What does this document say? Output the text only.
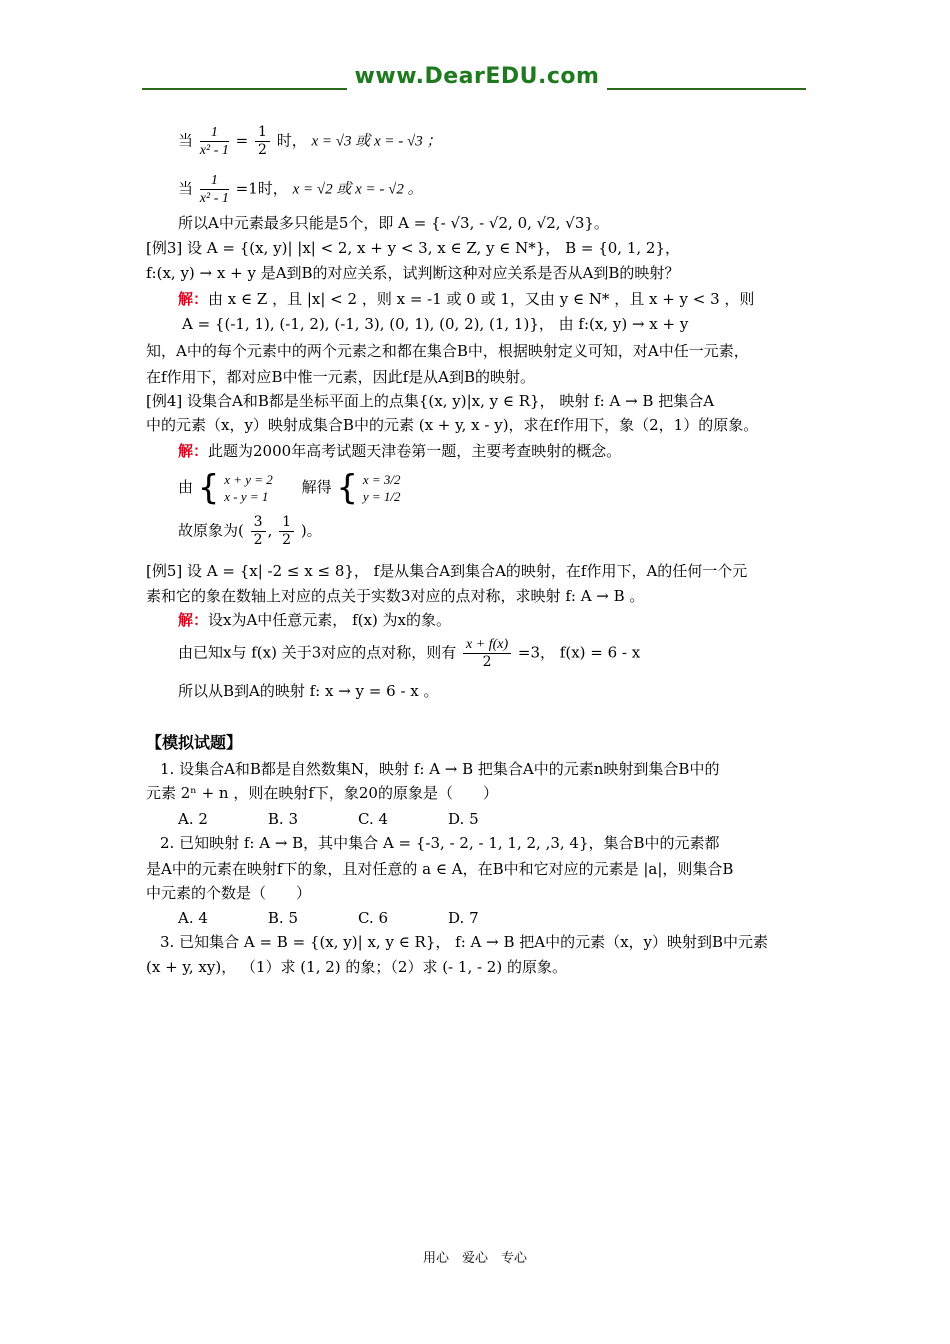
www.DearEDU.com
当 $\frac{1}{\text{x² - 1}} = \frac{1}{2}$ 时， x = √3 或 x = - √3 ；
当 $\frac{1}{\text{x² - 1}} =1$时， x = √2 或 x = - √2 。
所以A中元素最多只能是5个，即 A = {- √3, - √2, 0, √2, √3}。
[例3] 设 A = {(x, y)| |x| < 2, x + y < 3, x ∈ Z, y ∈ N*}， B = {0, 1, 2}，
f:(x, y) → x + y 是A到B的对应关系，试判断这种对应关系是否从A到B的映射？
解：由 x ∈ Z ，且 |x| < 2 ，则 x = -1 或 0 或 1，又由 y ∈ N* ，且 x + y < 3 ，则
A = {(-1, 1), (-1, 2), (-1, 3), (0, 1), (0, 2), (1, 1)}， 由 f:(x, y) → x + y
知，A中的每个元素中的两个元素之和都在集合B中，根据映射定义可知，对A中任一元素，
在f作用下，都对应B中惟一元素，因此f是从A到B的映射。
[例4] 设集合A和B都是坐标平面上的点集{(x, y)|x, y ∈ R}， 映射 f: A → B 把集合A
中的元素（x，y）映射成集合B中的元素 (x + y, x - y)，求在f作用下，象（2，1）的原象。
解：此题为2000年高考试题天津卷第一题，主要考查映射的概念。
由 { x + y = 2
x - y = 1
解得 { x = 3/2
y = 1/2
故原象为( $\frac{3}{2}$ , $\frac{1}{2}$ )。
[例5] 设 A = {x| -2 ≤ x ≤ 8}， f是从集合A到集合A的映射，在f作用下，A的任何一个元
素和它的象在数轴上对应的点关于实数3对应的点对称，求映射 f: A → B 。
解：设x为A中任意元素， f(x) 为x的象。
由已知x与 f(x) 关于3对应的点对称，则有 $\frac{x + f(x)}{2} =3$， f(x) = 6 - x
所以从B到A的映射 f: x → y = 6 - x 。
【模拟试题】
1. 设集合A和B都是自然数集N，映射 f: A → B 把集合A中的元素n映射到集合B中的
元素 2ⁿ + n ，则在映射f下，象20的原象是（　　）
A. 2　　　　B. 3　　　　C. 4　　　　D. 5
2. 已知映射 f: A → B，其中集合 A = {-3, - 2, - 1, 1, 2, ,3, 4}，集合B中的元素都
是A中的元素在映射f下的象，且对任意的 a ∈ A，在B中和它对应的元素是 |a|，则集合B
中元素的个数是（　　）
A. 4　　　　B. 5　　　　C. 6　　　　D. 7
3. 已知集合 A = B = {(x, y)| x, y ∈ R}， f: A → B 把A中的元素（x，y）映射到B中元素
(x + y, xy)， （1）求 (1, 2) 的象；（2）求 (- 1, - 2) 的原象。
用心　爱心　专心
